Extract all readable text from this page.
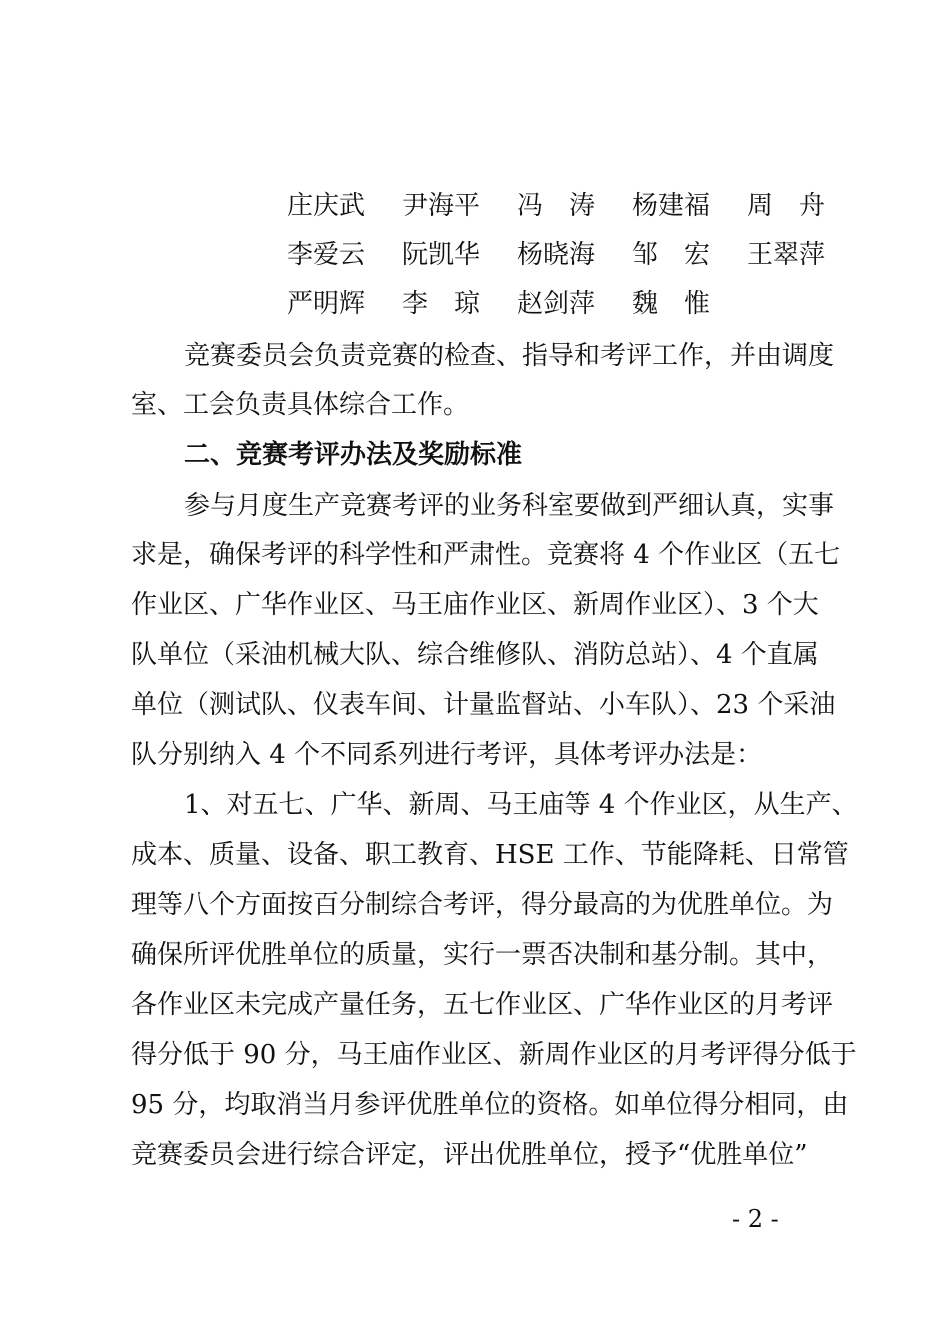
庄庆武 尹海平 冯　涛 杨建福 周　舟
李爱云 阮凯华 杨晓海 邹　宏 王翠萍
严明辉 李　琼 赵剑萍 魏　惟
竞赛委员会负责竞赛的检查、指导和考评工作，并由调度
室、工会负责具体综合工作。
二、竞赛考评办法及奖励标准
参与月度生产竞赛考评的业务科室要做到严细认真，实事
求是，确保考评的科学性和严肃性。竞赛将 4 个作业区（五七
作业区、广华作业区、马王庙作业区、新周作业区）、3 个大
队单位（采油机械大队、综合维修队、消防总站）、4 个直属
单位（测试队、仪表车间、计量监督站、小车队）、23 个采油
队分别纳入 4 个不同系列进行考评，具体考评办法是：
1、对五七、广华、新周、马王庙等 4 个作业区，从生产、
成本、质量、设备、职工教育、HSE 工作、节能降耗、日常管
理等八个方面按百分制综合考评，得分最高的为优胜单位。为
确保所评优胜单位的质量，实行一票否决制和基分制。其中，
各作业区未完成产量任务，五七作业区、广华作业区的月考评
得分低于 90 分，马王庙作业区、新周作业区的月考评得分低于
95 分，均取消当月参评优胜单位的资格。如单位得分相同，由
竞赛委员会进行综合评定，评出优胜单位，授予“优胜单位”
- 2 -
